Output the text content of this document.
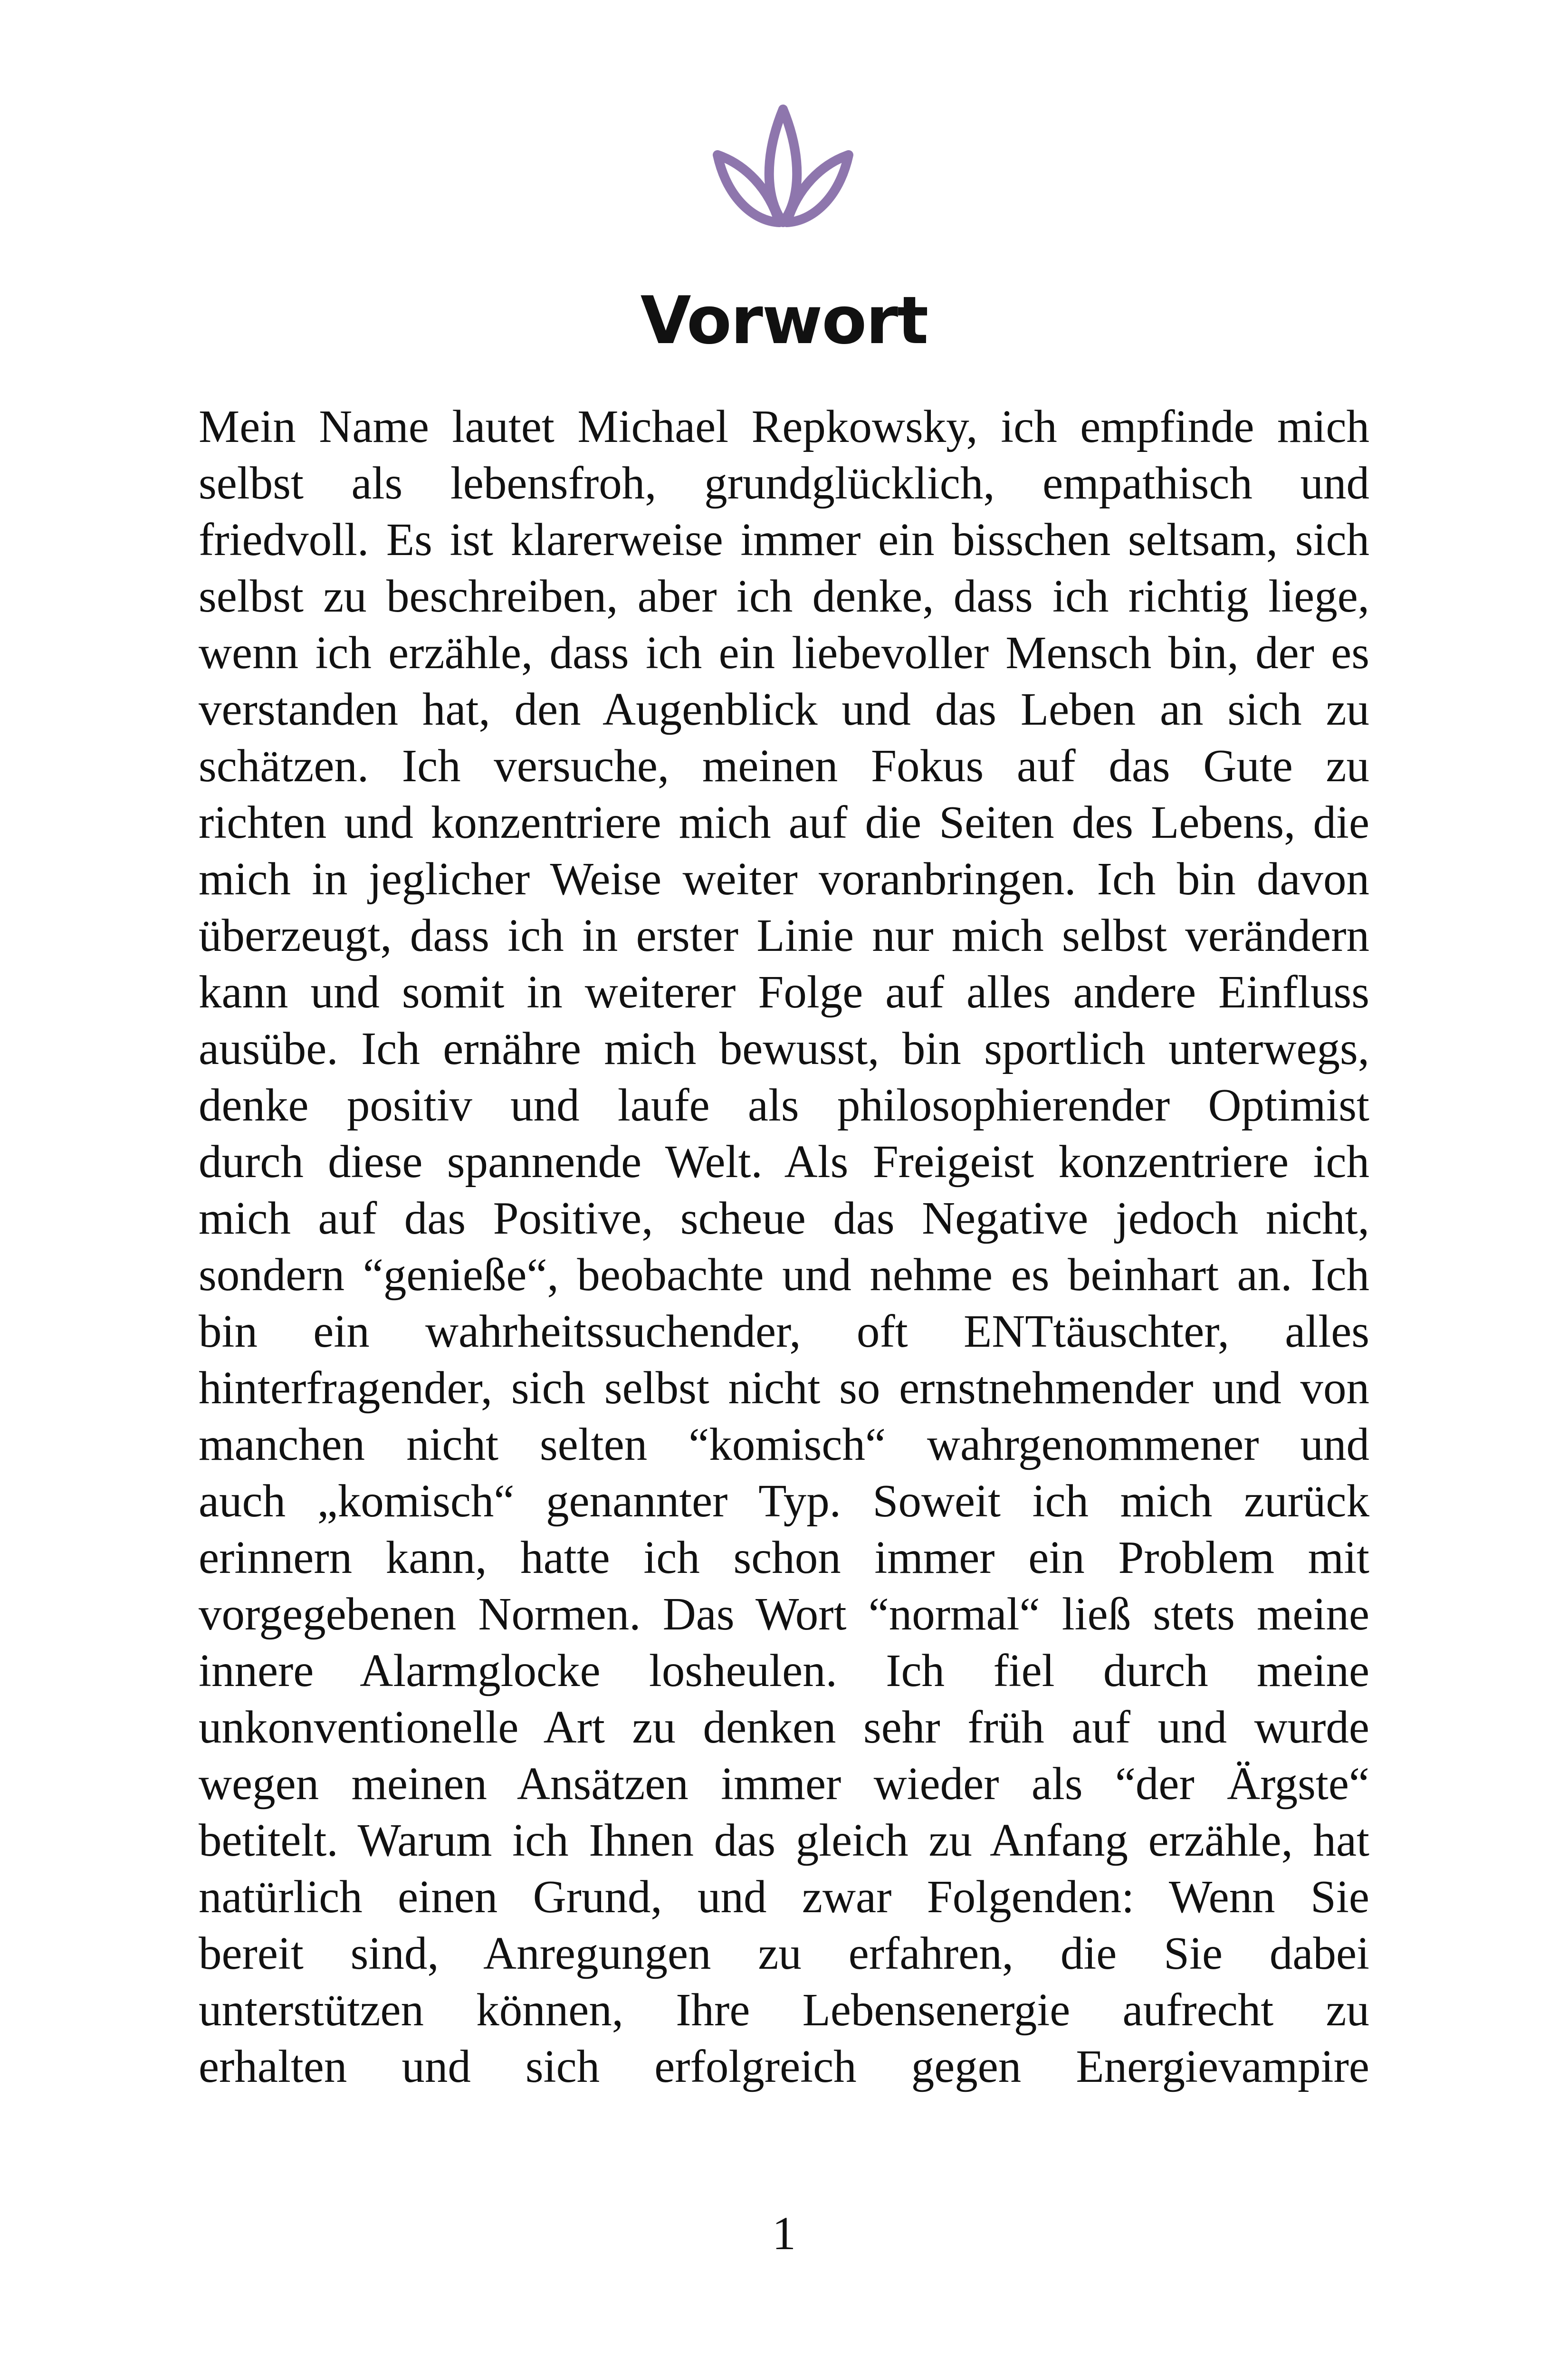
Vorwort
Mein Name lautet Michael Repkowsky, ich empfinde mich
selbst als lebensfroh, grundglücklich, empathisch und
friedvoll. Es ist klarerweise immer ein bisschen seltsam, sich
selbst zu beschreiben, aber ich denke, dass ich richtig liege,
wenn ich erzähle, dass ich ein liebevoller Mensch bin, der es
verstanden hat, den Augenblick und das Leben an sich zu
schätzen. Ich versuche, meinen Fokus auf das Gute zu
richten und konzentriere mich auf die Seiten des Lebens, die
mich in jeglicher Weise weiter voranbringen. Ich bin davon
überzeugt, dass ich in erster Linie nur mich selbst verändern
kann und somit in weiterer Folge auf alles andere Einfluss
ausübe. Ich ernähre mich bewusst, bin sportlich unterwegs,
denke positiv und laufe als philosophierender Optimist
durch diese spannende Welt. Als Freigeist konzentriere ich
mich auf das Positive, scheue das Negative jedoch nicht,
sondern “genieße“, beobachte und nehme es beinhart an. Ich
bin ein wahrheitssuchender, oft ENTtäuschter, alles
hinterfragender, sich selbst nicht so ernstnehmender und von
manchen nicht selten “komisch“ wahrgenommener und
auch „komisch“ genannter Typ. Soweit ich mich zurück
erinnern kann, hatte ich schon immer ein Problem mit
vorgegebenen Normen. Das Wort “normal“ ließ stets meine
innere Alarmglocke losheulen. Ich fiel durch meine
unkonventionelle Art zu denken sehr früh auf und wurde
wegen meinen Ansätzen immer wieder als “der Ärgste“
betitelt. Warum ich Ihnen das gleich zu Anfang erzähle, hat
natürlich einen Grund, und zwar Folgenden: Wenn Sie
bereit sind, Anregungen zu erfahren, die Sie dabei
unterstützen können, Ihre Lebensenergie aufrecht zu
erhalten und sich erfolgreich gegen Energievampire
1
